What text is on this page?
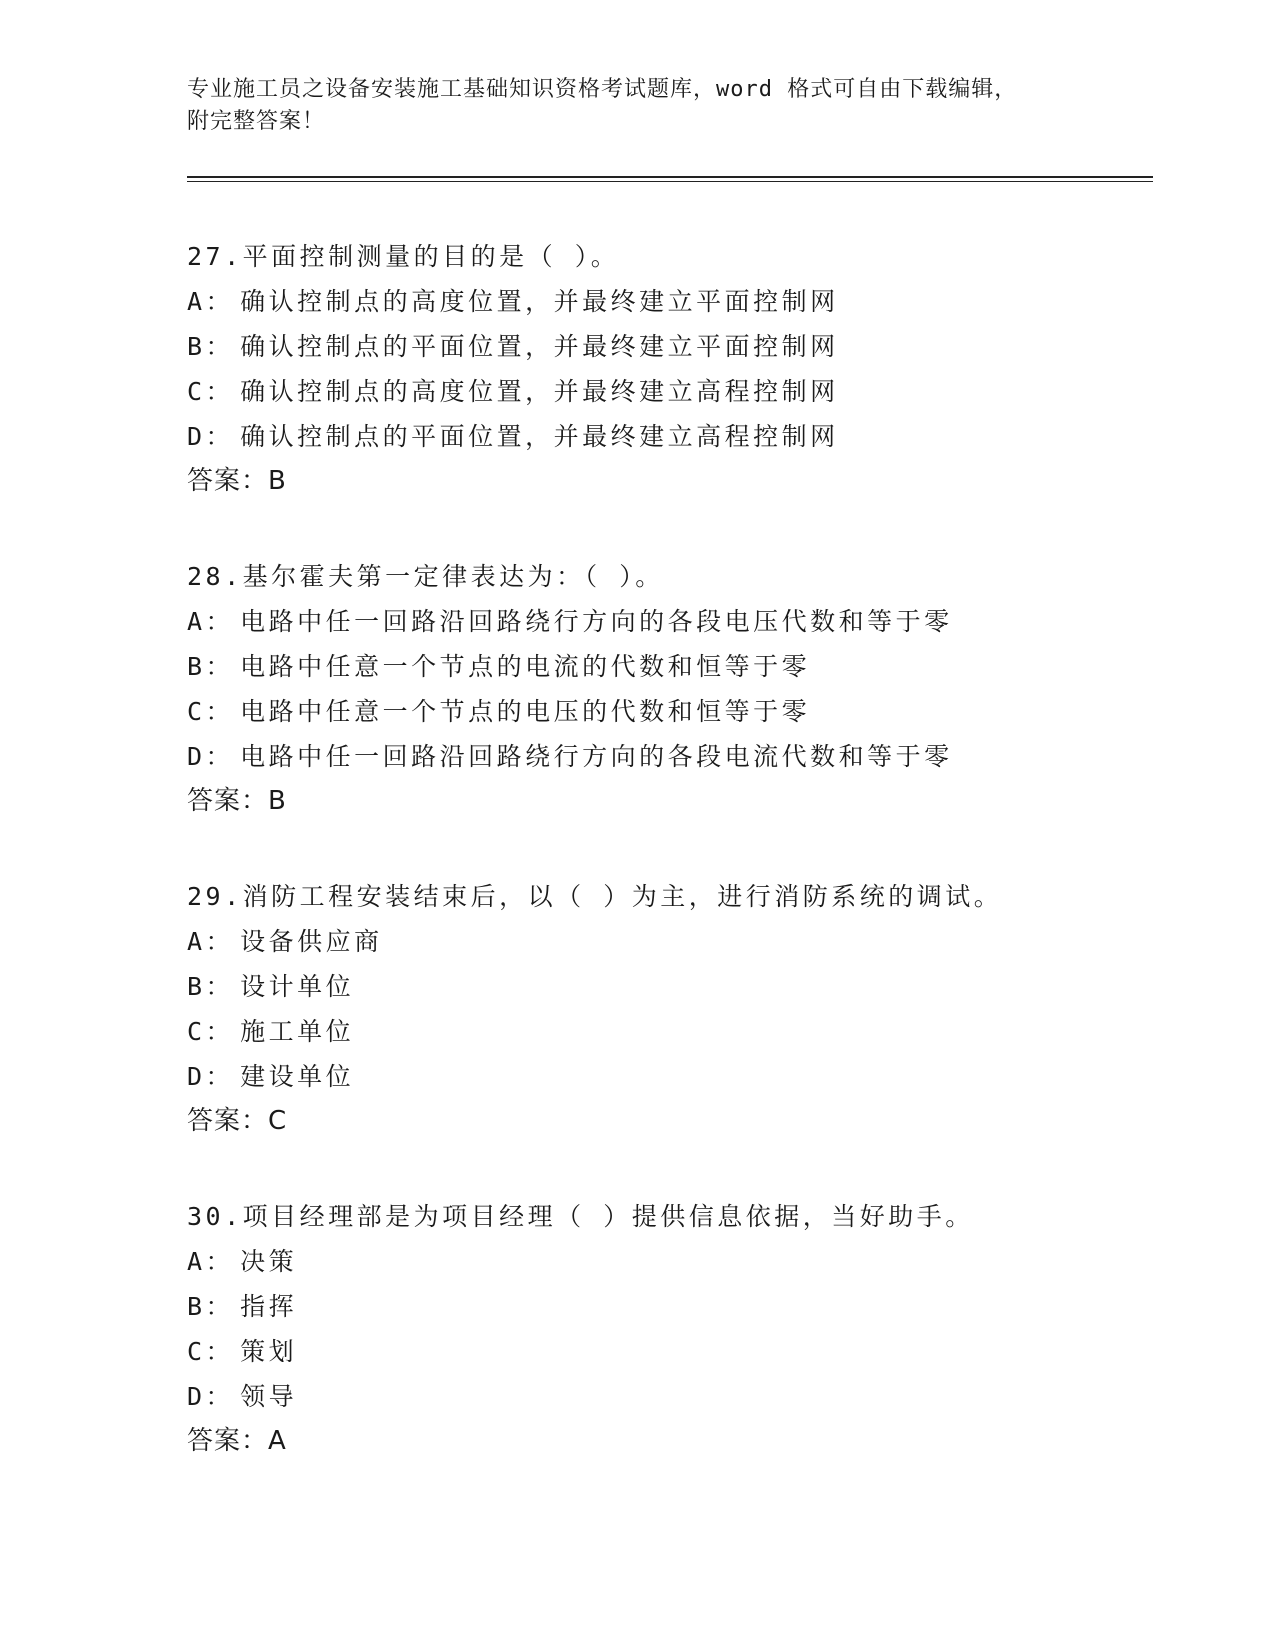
专业施工员之设备安装施工基础知识资格考试题库，word 格式可自由下载编辑，
附完整答案！
27.平面控制测量的目的是（ ）。
A： 确认控制点的高度位置，并最终建立平面控制网
B： 确认控制点的平面位置，并最终建立平面控制网
C： 确认控制点的高度位置，并最终建立高程控制网
D： 确认控制点的平面位置，并最终建立高程控制网
答案：B
28.基尔霍夫第一定律表达为：（ ）。
A： 电路中任一回路沿回路绕行方向的各段电压代数和等于零
B： 电路中任意一个节点的电流的代数和恒等于零
C： 电路中任意一个节点的电压的代数和恒等于零
D： 电路中任一回路沿回路绕行方向的各段电流代数和等于零
答案：B
29.消防工程安装结束后，以（ ）为主，进行消防系统的调试。
A： 设备供应商
B： 设计单位
C： 施工单位
D： 建设单位
答案：C
30.项目经理部是为项目经理（ ）提供信息依据，当好助手。
A： 决策
B： 指挥
C： 策划
D： 领导
答案：A
